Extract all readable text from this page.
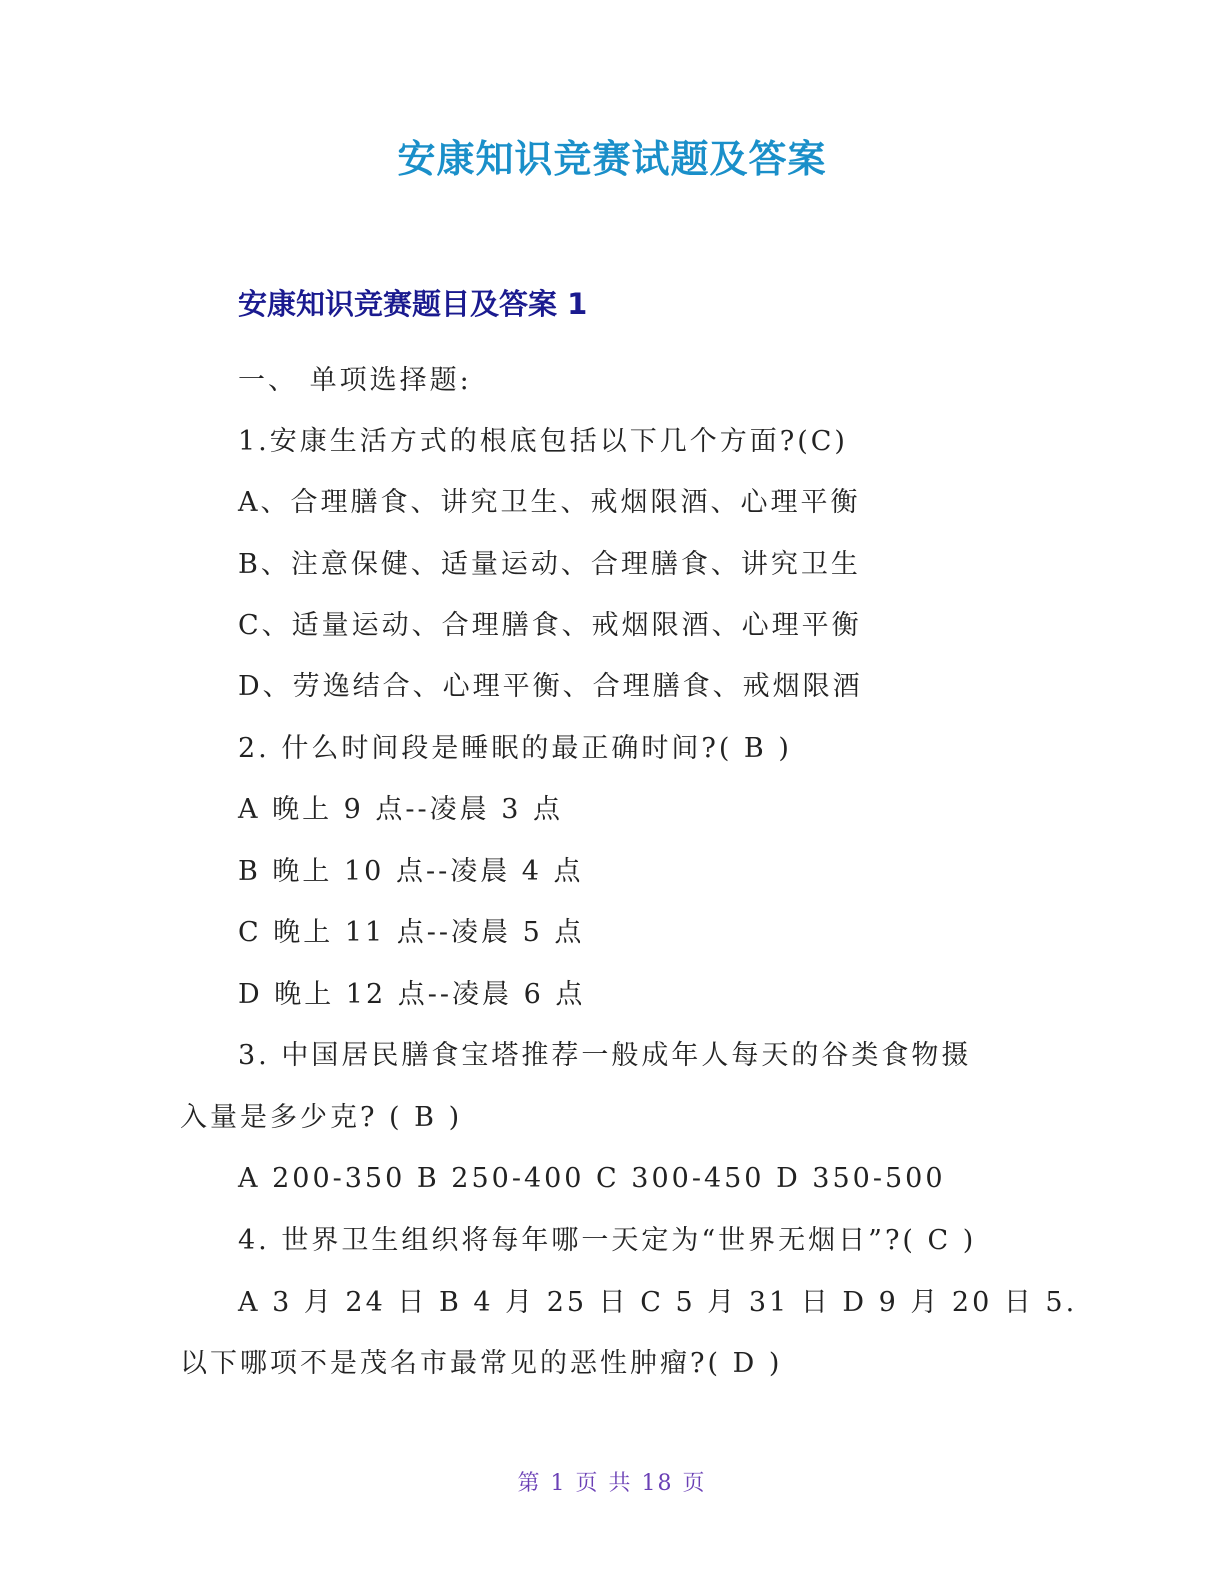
安康知识竞赛试题及答案
安康知识竞赛题目及答案 1
一、 单项选择题:
1.安康生活方式的根底包括以下几个方面?(C)
A、合理膳食、讲究卫生、戒烟限酒、心理平衡
B、注意保健、适量运动、合理膳食、讲究卫生
C、适量运动、合理膳食、戒烟限酒、心理平衡
D、劳逸结合、心理平衡、合理膳食、戒烟限酒
2. 什么时间段是睡眠的最正确时间?( B )
A 晚上 9 点--凌晨 3 点
B 晚上 10 点--凌晨 4 点
C 晚上 11 点--凌晨 5 点
D 晚上 12 点--凌晨 6 点
3. 中国居民膳食宝塔推荐一般成年人每天的谷类食物摄
入量是多少克? ( B )
A 200-350 B 250-400 C 300-450 D 350-500
4. 世界卫生组织将每年哪一天定为“世界无烟日”?( C )
A 3 月 24 日 B 4 月 25 日 C 5 月 31 日 D 9 月 20 日 5.
以下哪项不是茂名市最常见的恶性肿瘤?( D )
第 1 页 共 18 页
